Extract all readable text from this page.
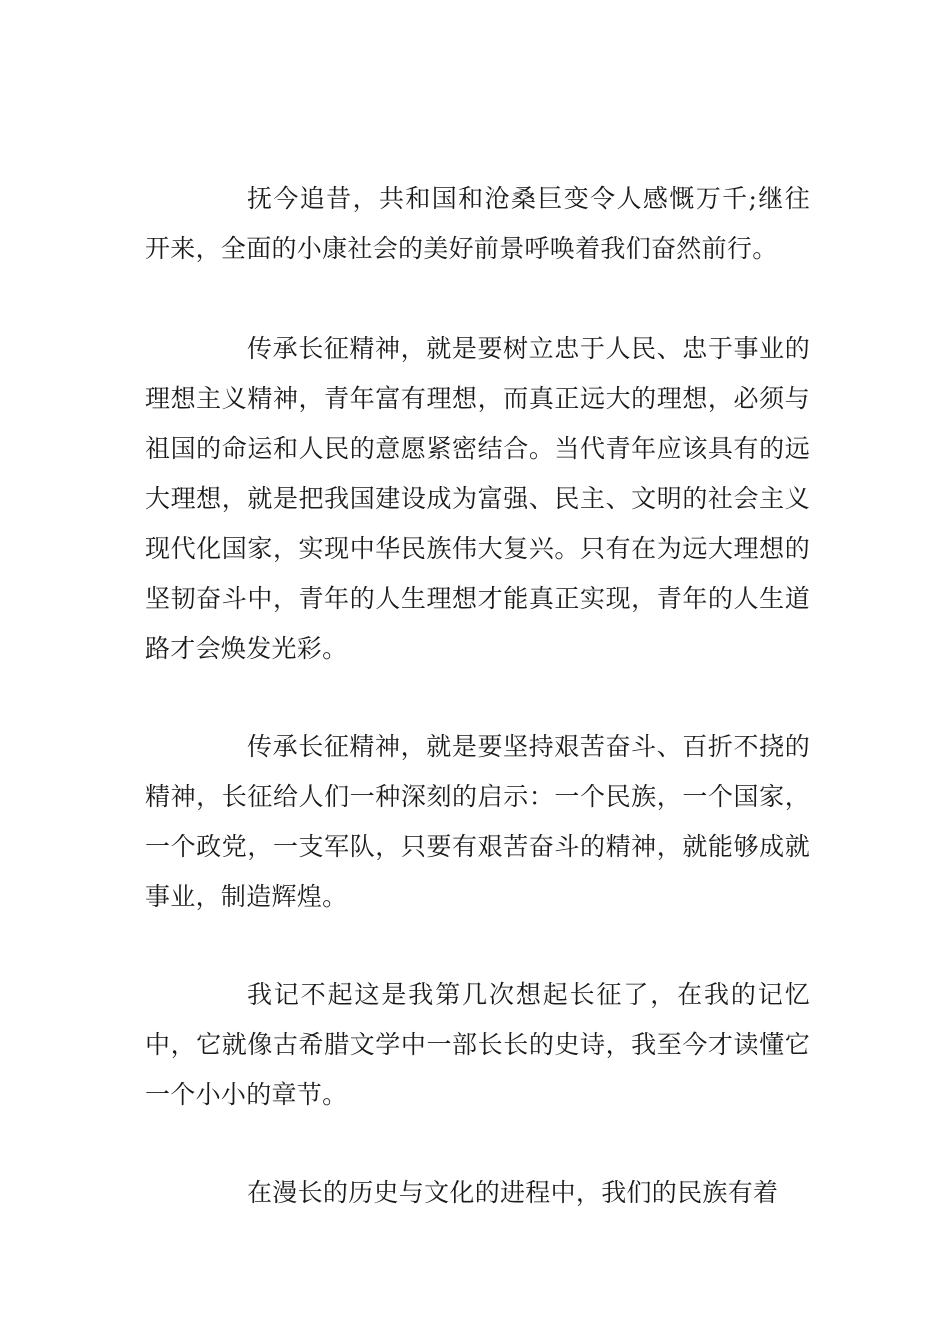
抚今追昔，共和国和沧桑巨变令人感慨万千;继往开来，全面的小康社会的美好前景呼唤着我们奋然前行。

传承长征精神，就是要树立忠于人民、忠于事业的理想主义精神，青年富有理想，而真正远大的理想，必须与祖国的命运和人民的意愿紧密结合。当代青年应该具有的远大理想，就是把我国建设成为富强、民主、文明的社会主义现代化国家，实现中华民族伟大复兴。只有在为远大理想的坚韧奋斗中，青年的人生理想才能真正实现，青年的人生道路才会焕发光彩。

传承长征精神，就是要坚持艰苦奋斗、百折不挠的精神，长征给人们一种深刻的启示：一个民族，一个国家，一个政党，一支军队，只要有艰苦奋斗的精神，就能够成就事业，制造辉煌。

我记不起这是我第几次想起长征了，在我的记忆中，它就像古希腊文学中一部长长的史诗，我至今才读懂它一个小小的章节。

在漫长的历史与文化的进程中，我们的民族有着
